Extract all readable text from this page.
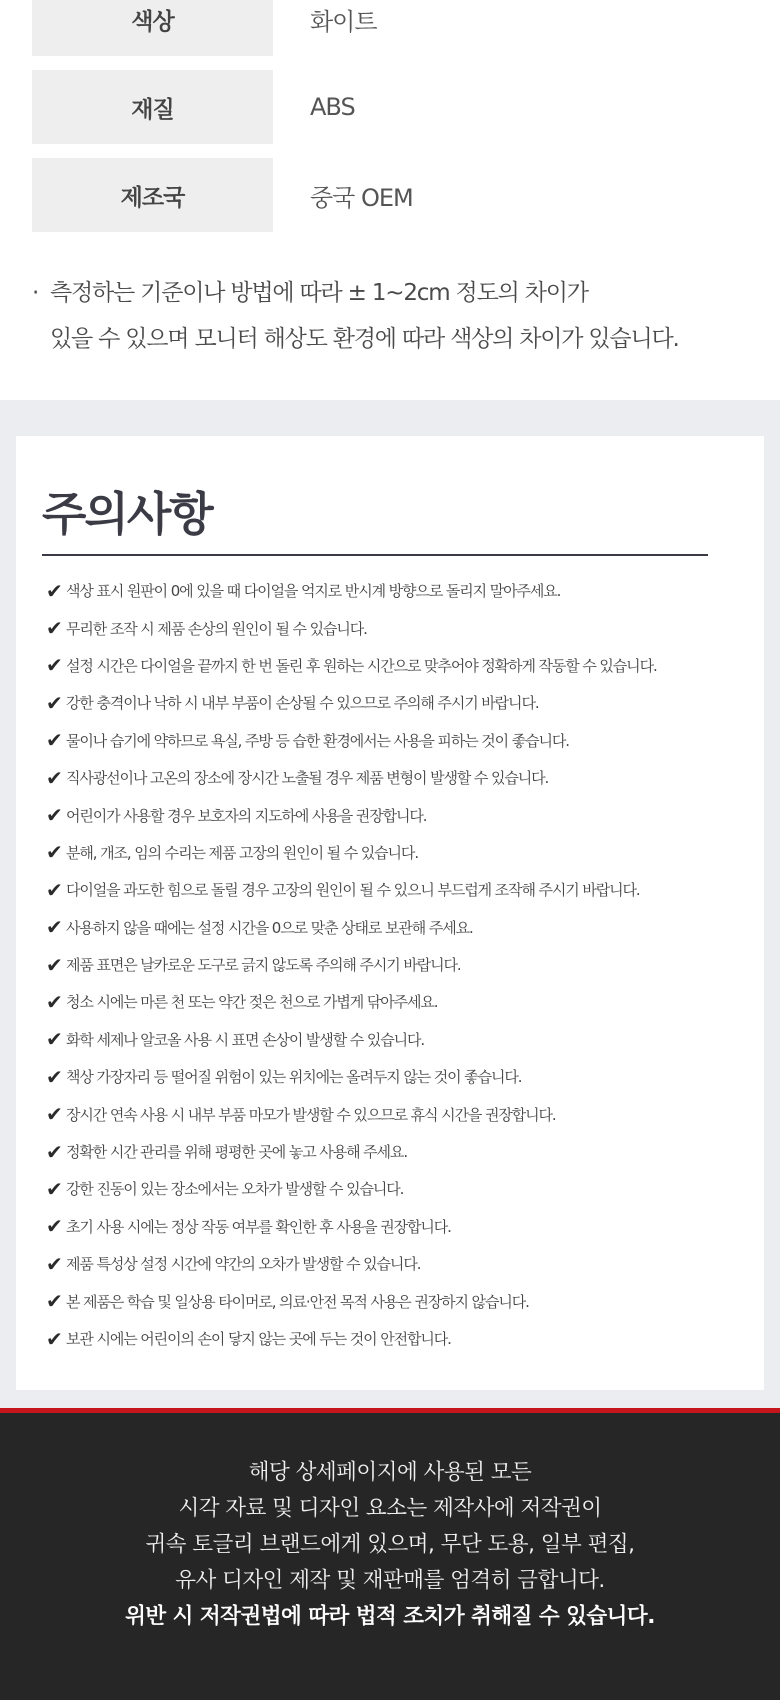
색상	화이트
재질	ABS
제조국	중국 OEM
· 측정하는 기준이나 방법에 따라 ± 1~2cm 정도의 차이가
있을 수 있으며 모니터 해상도 환경에 따라 색상의 차이가 있습니다.
주의사항
✔ 색상 표시 원판이 0에 있을 때 다이얼을 억지로 반시계 방향으로 돌리지 말아주세요.
✔ 무리한 조작 시 제품 손상의 원인이 될 수 있습니다.
✔ 설정 시간은 다이얼을 끝까지 한 번 돌린 후 원하는 시간으로 맞추어야 정확하게 작동할 수 있습니다.
✔ 강한 충격이나 낙하 시 내부 부품이 손상될 수 있으므로 주의해 주시기 바랍니다.
✔ 물이나 습기에 약하므로 욕실, 주방 등 습한 환경에서는 사용을 피하는 것이 좋습니다.
✔ 직사광선이나 고온의 장소에 장시간 노출될 경우 제품 변형이 발생할 수 있습니다.
✔ 어린이가 사용할 경우 보호자의 지도하에 사용을 권장합니다.
✔ 분해, 개조, 임의 수리는 제품 고장의 원인이 될 수 있습니다.
✔ 다이얼을 과도한 힘으로 돌릴 경우 고장의 원인이 될 수 있으니 부드럽게 조작해 주시기 바랍니다.
✔ 사용하지 않을 때에는 설정 시간을 0으로 맞춘 상태로 보관해 주세요.
✔ 제품 표면은 날카로운 도구로 긁지 않도록 주의해 주시기 바랍니다.
✔ 청소 시에는 마른 천 또는 약간 젖은 천으로 가볍게 닦아주세요.
✔ 화학 세제나 알코올 사용 시 표면 손상이 발생할 수 있습니다.
✔ 책상 가장자리 등 떨어질 위험이 있는 위치에는 올려두지 않는 것이 좋습니다.
✔ 장시간 연속 사용 시 내부 부품 마모가 발생할 수 있으므로 휴식 시간을 권장합니다.
✔ 정확한 시간 관리를 위해 평평한 곳에 놓고 사용해 주세요.
✔ 강한 진동이 있는 장소에서는 오차가 발생할 수 있습니다.
✔ 초기 사용 시에는 정상 작동 여부를 확인한 후 사용을 권장합니다.
✔ 제품 특성상 설정 시간에 약간의 오차가 발생할 수 있습니다.
✔ 본 제품은 학습 및 일상용 타이머로, 의료·안전 목적 사용은 권장하지 않습니다.
✔ 보관 시에는 어린이의 손이 닿지 않는 곳에 두는 것이 안전합니다.
해당 상세페이지에 사용된 모든
시각 자료 및 디자인 요소는 제작사에 저작권이
귀속 토글리 브랜드에게 있으며, 무단 도용, 일부 편집,
유사 디자인 제작 및 재판매를 엄격히 금합니다.
위반 시 저작권법에 따라 법적 조치가 취해질 수 있습니다.
